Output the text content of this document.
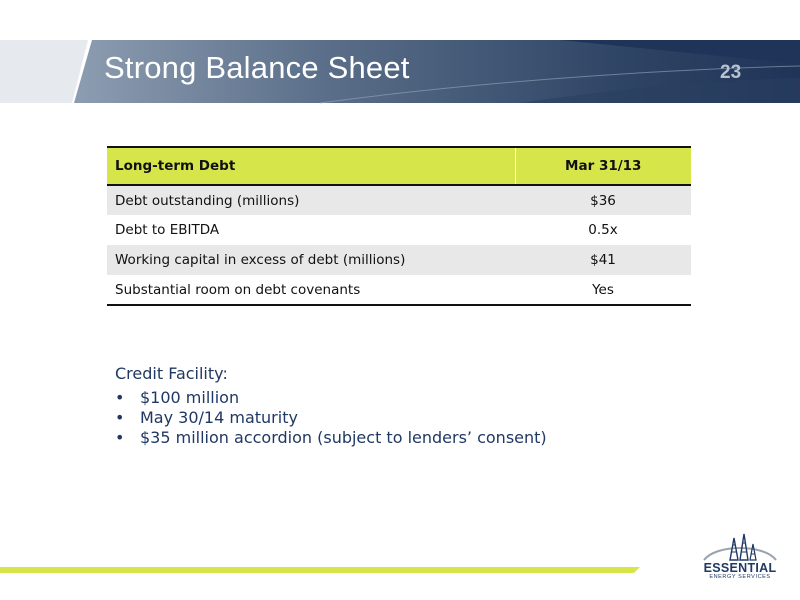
Strong Balance Sheet	23
Long-term Debt	Mar 31/13
Debt outstanding (millions)	$36
Debt to EBITDA	0.5x
Working capital in excess of debt (millions)	$41
Substantial room on debt covenants	Yes
Credit Facility:
• $100 million
• May 30/14 maturity
• $35 million accordion (subject to lenders’ consent)
ESSENTIAL
ENERGY SERVICES
